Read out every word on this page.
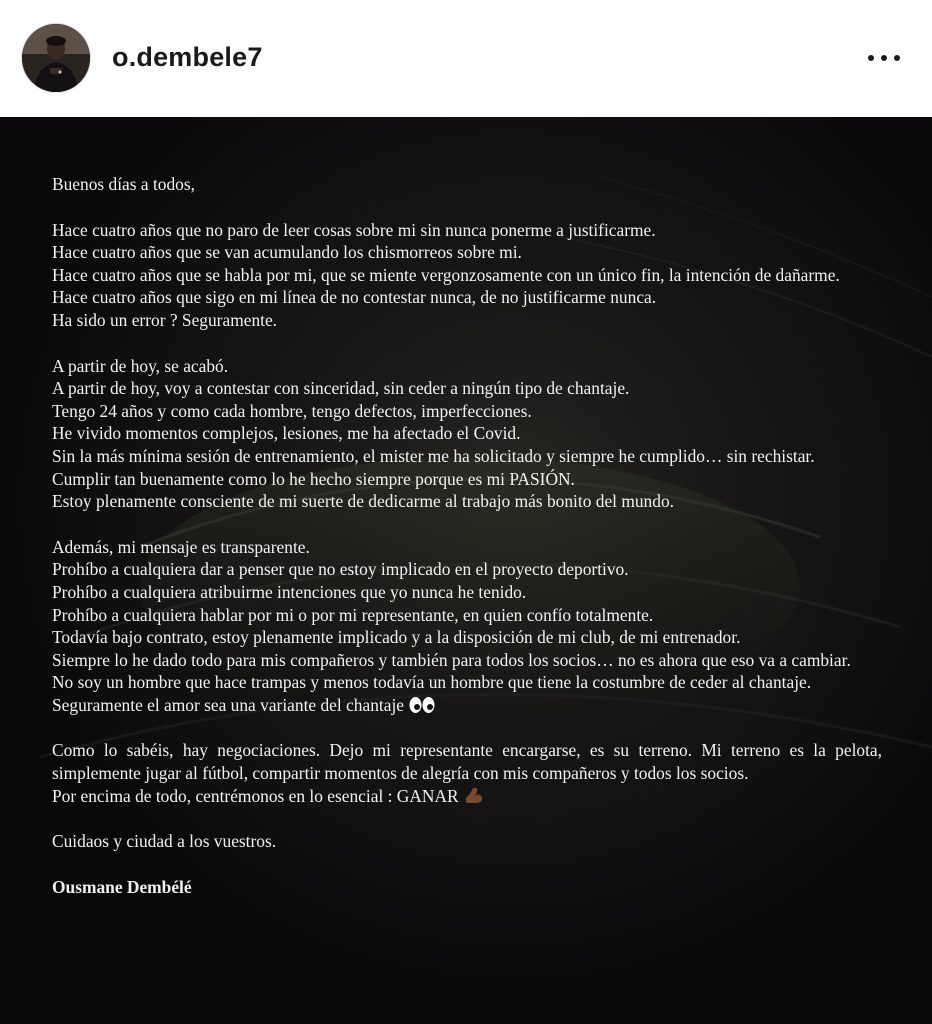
o.dembele7

Buenos días a todos,

Hace cuatro años que no paro de leer cosas sobre mi sin nunca ponerme a justificarme.

Hace cuatro años que se van acumulando los chismorreos sobre mi.

Hace cuatro años que se habla por mi, que se miente vergonzosamente con un único fin, la intención de dañarme.

Hace cuatro años que sigo en mi línea de no contestar nunca, de no justificarme nunca.

Ha sido un error ? Seguramente.

A partir de hoy, se acabó.

A partir de hoy, voy a contestar con sinceridad, sin ceder a ningún tipo de chantaje.

Tengo 24 años y como cada hombre, tengo defectos, imperfecciones.

He vivido momentos complejos, lesiones, me ha afectado el Covid.

Sin la más mínima sesión de entrenamiento, el mister me ha solicitado y siempre he cumplido… sin rechistar.

Cumplir tan buenamente como lo he hecho siempre porque es mi PASIÓN.

Estoy plenamente consciente de mi suerte de dedicarme al trabajo más bonito del mundo.

Además, mi mensaje es transparente.

Prohíbo a cualquiera dar a penser que no estoy implicado en el proyecto deportivo.

Prohíbo a cualquiera atribuirme intenciones que yo nunca he tenido.

Prohíbo a cualquiera hablar por mi o por mi representante, en quien confío totalmente.

Todavía bajo contrato, estoy plenamente implicado y a la disposición de mi club, de mi entrenador.

Siempre lo he dado todo para mis compañeros y también para todos los socios… no es ahora que eso va a cambiar.

No soy un hombre que hace trampas y menos todavía un hombre que tiene la costumbre de ceder al chantaje.

Seguramente el amor sea una variante del chantaje

Como lo sabéis, hay negociaciones. Dejo mi representante encargarse, es su terreno. Mi terreno es la pelota, simplemente jugar al fútbol, compartir momentos de alegría con mis compañeros y todos los socios.

Por encima de todo, centrémonos en lo esencial : GANAR

Cuidaos y ciudad a los vuestros.

Ousmane Dembélé
